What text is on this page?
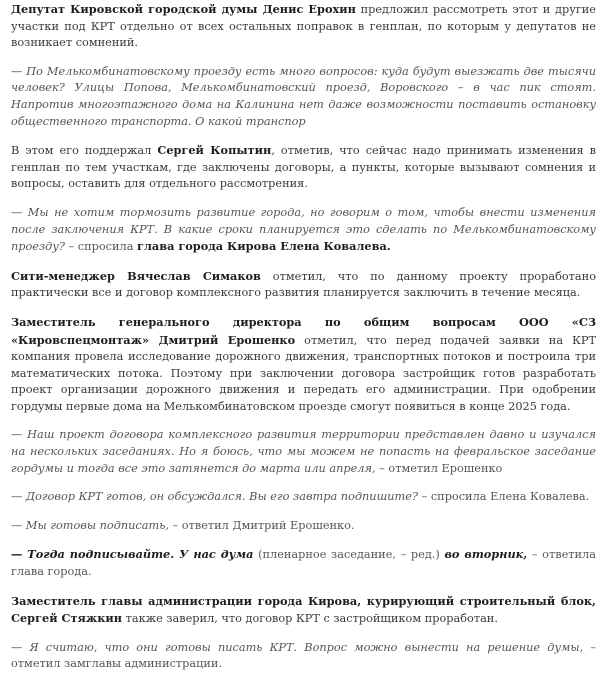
Депутат Кировской городской думы Денис Ерохин предложил рассмотреть этот и другие участки под КРТ отдельно от всех остальных поправок в генплан, по которым у депутатов не возникает сомнений.

— По Мелькомбинатовскому проезду есть много вопросов: куда будут выезжать две тысячи человек? Улицы Попова, Мелькомбинатовский проезд, Воровского – в час пик стоят. Напротив многоэтажного дома на Калинина нет даже возможности поставить остановку общественного транспорта. О какой транспор

В этом его поддержал Сергей Копытин, отметив, что сейчас надо принимать изменения в генплан по тем участкам, где заключены договоры, а пункты, которые вызывают сомнения и вопросы, оставить для отдельного рассмотрения.

— Мы не хотим тормозить развитие города, но говорим о том, чтобы внести изменения после заключения КРТ. В какие сроки планируется это сделать по Мелькомбинатовскому проезду? – спросила глава города Кирова Елена Ковалева.

Сити-менеджер Вячеслав Симаков отметил, что по данному проекту проработано практически все и договор комплексного развития планируется заключить в течение месяца.

Заместитель генерального директора по общим вопросам ООО «СЗ «Кировспецмонтаж» Дмитрий Ерошенко отметил, что перед подачей заявки на КРТ компания провела исследование дорожного движения, транспортных потоков и построила три математических потока. Поэтому при заключении договора застройщик готов разработать проект организации дорожного движения и передать его администрации. При одобрении гордумы первые дома на Мелькомбинатовском проезде смогут появиться в конце 2025 года.

— Наш проект договора комплексного развития территории представлен давно и изучался на нескольких заседаниях. Но я боюсь, что мы можем не попасть на февральское заседание гордумы и тогда все это затянется до марта или апреля, – отметил Ерошенко

— Договор КРТ готов, он обсуждался. Вы его завтра подпишите? – спросила Елена Ковалева.

— Мы готовы подписать, – ответил Дмитрий Ерошенко.

— Тогда подписывайте. У нас дума (пленарное заседание, – ред.) во вторник, – ответила глава города.

Заместитель главы администрации города Кирова, курирующий строительный блок, Сергей Стяжкин также заверил, что договор КРТ с застройщиком проработан.

— Я считаю, что они готовы писать КРТ. Вопрос можно вынести на решение думы, – отметил замглавы администрации.
